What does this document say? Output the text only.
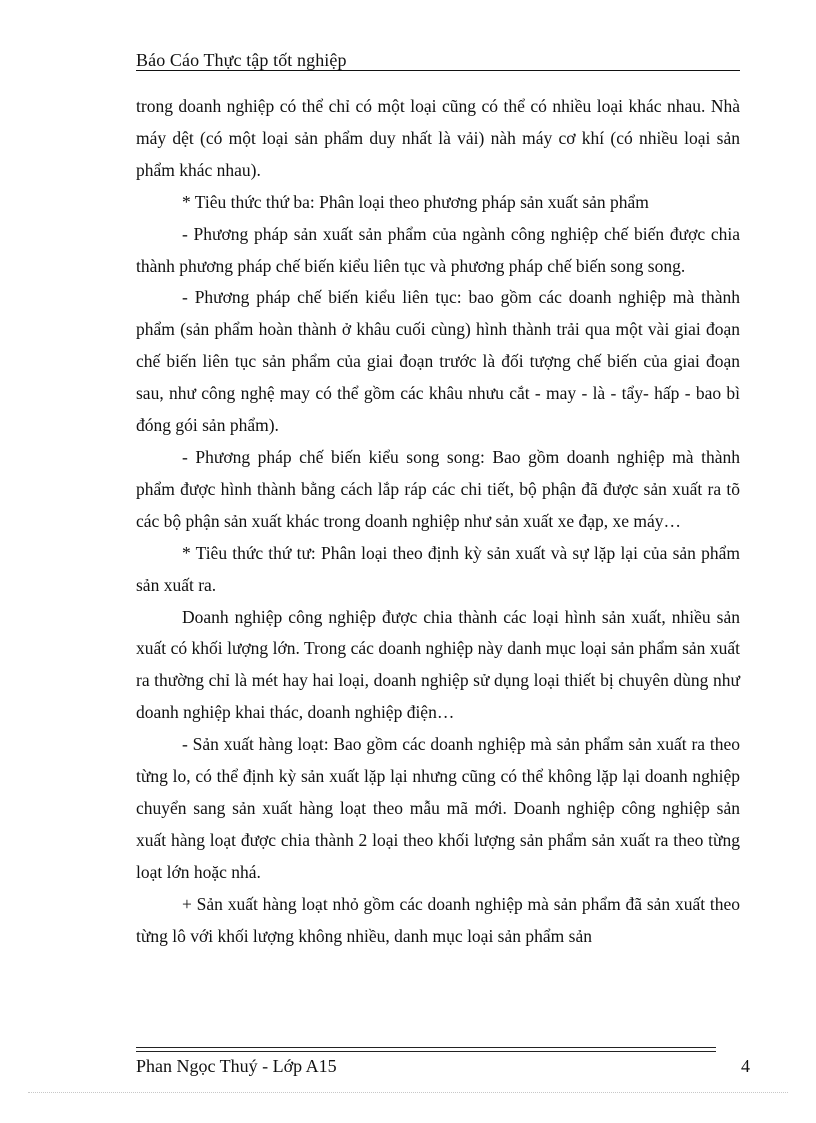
Báo Cáo Thực tập tốt nghiệp

trong doanh nghiệp có thể chỉ có một loại cũng có thể có nhiều loại khác nhau. Nhà máy dệt (có một loại sản phẩm duy nhất là vải) nàh máy cơ khí (có nhiều loại sản phẩm khác nhau).

* Tiêu thức thứ ba: Phân loại theo phương pháp sản xuất sản phẩm

- Phương pháp sản xuất sản phẩm của ngành công nghiệp chế biến được chia thành phương pháp chế biến kiểu liên tục và phương pháp chế biến song song.

- Phương pháp chế biến kiểu liên tục: bao gồm các doanh nghiệp mà thành phẩm (sản phẩm hoàn thành ở khâu cuối cùng) hình thành trải qua một vài giai đoạn chế biến liên tục sản phẩm của giai đoạn trước là đối tượng chế biến của giai đoạn sau, như công nghệ may có thể gồm các khâu nhưu cắt - may - là - tẩy- hấp - bao bì đóng gói sản phẩm).

- Phương pháp chế biến kiểu song song: Bao gồm doanh nghiệp mà thành phẩm được hình thành bằng cách lắp ráp các chi tiết, bộ phận đã được sản xuất ra tõ các bộ phận sản xuất khác trong doanh nghiệp như sản xuất xe đạp, xe máy…

* Tiêu thức thứ tư: Phân loại theo định kỳ sản xuất và sự lặp lại của sản phẩm sản xuất ra.

Doanh nghiệp công nghiệp được chia thành các loại hình sản xuất, nhiều sản xuất có khối lượng lớn. Trong các doanh nghiệp này danh mục loại sản phẩm sản xuất ra thường chỉ là mét hay hai loại, doanh nghiệp sử dụng loại thiết bị chuyên dùng như doanh nghiệp khai thác, doanh nghiệp điện…

- Sản xuất hàng loạt: Bao gồm các doanh nghiệp mà sản phẩm sản xuất ra theo từng lo, có thể định kỳ sản xuất lặp lại nhưng cũng có thể không lặp lại doanh nghiệp chuyển sang sản xuất hàng loạt theo mẫu mã mới. Doanh nghiệp công nghiệp sản xuất hàng loạt được chia thành 2 loại theo khối lượng sản phẩm sản xuất ra theo từng loạt lớn hoặc nhá.

+ Sản xuất hàng loạt nhỏ gồm các doanh nghiệp mà sản phẩm đã sản xuất theo từng lô với khối lượng không nhiều, danh mục loại sản phẩm sản

Phan Ngọc Thuý - Lớp A15	4
